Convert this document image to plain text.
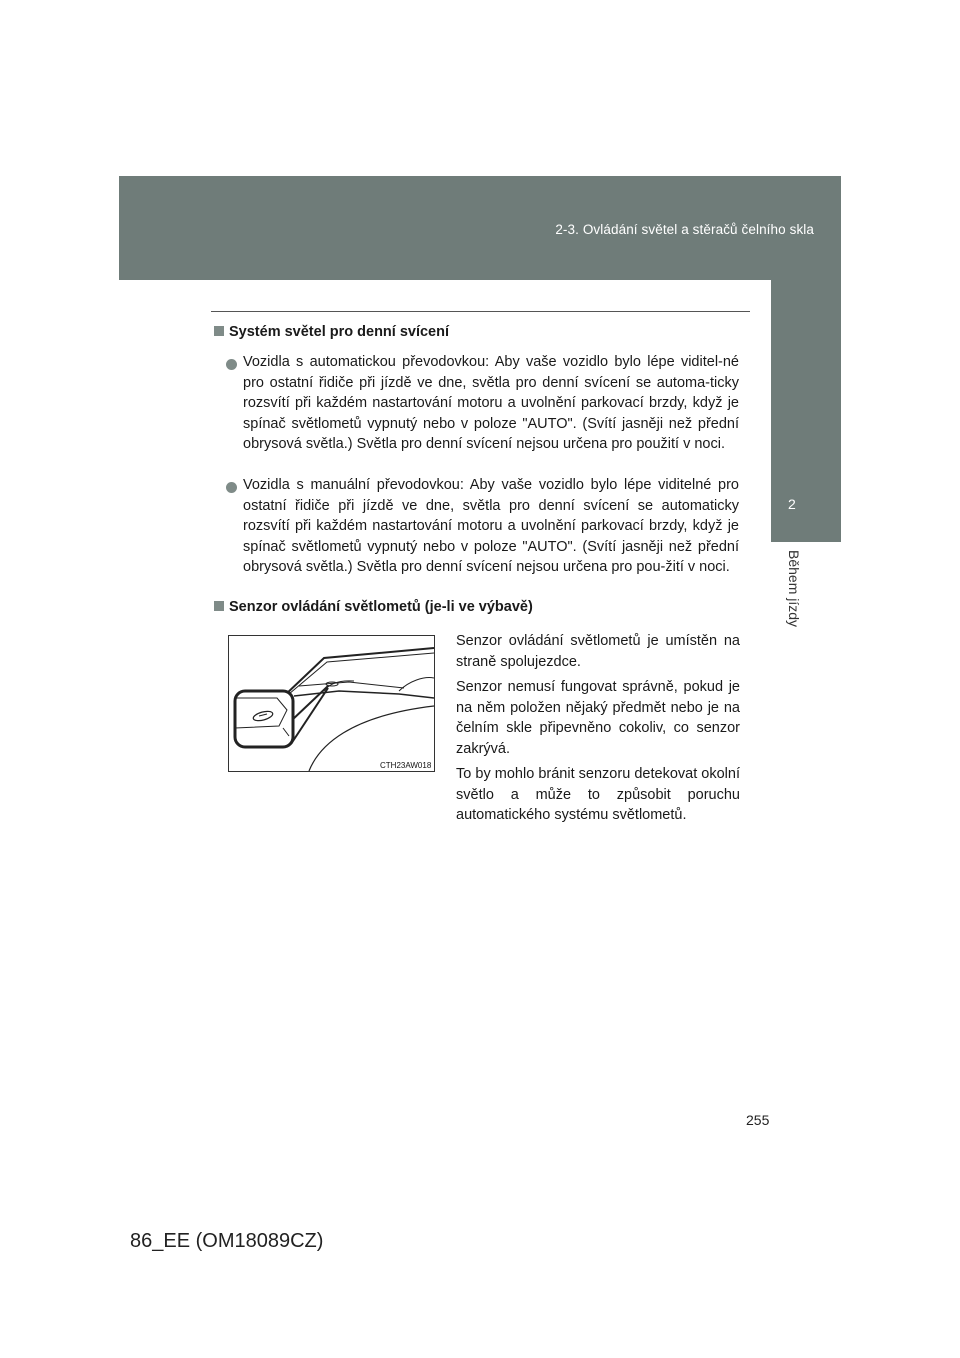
2-3. Ovládání světel a stěračů čelního skla
2
Během jízdy
Systém světel pro denní svícení
Vozidla s automatickou převodovkou: Aby vaše vozidlo bylo lépe viditel-né pro ostatní řidiče při jízdě ve dne, světla pro denní svícení se automa-ticky rozsvítí při každém nastartování motoru a uvolnění parkovací brzdy, když je spínač světlometů vypnutý nebo v poloze "AUTO". (Svítí jasněji než přední obrysová světla.) Světla pro denní svícení nejsou určena pro použití v noci.
Vozidla s manuální převodovkou: Aby vaše vozidlo bylo lépe viditelné pro ostatní řidiče při jízdě ve dne, světla pro denní svícení se automaticky rozsvítí při každém nastartování motoru a uvolnění parkovací brzdy, když je spínač světlometů vypnutý nebo v poloze "AUTO". (Svítí jasněji než přední obrysová světla.) Světla pro denní svícení nejsou určena pro pou-žití v noci.
Senzor ovládání světlometů (je-li ve výbavě)
CTH23AW018
Senzor ovládání světlometů je umístěn na straně spolujezdce.
Senzor nemusí fungovat správně, pokud je na něm položen nějaký předmět nebo je na čelním skle připevněno cokoliv, co senzor zakrývá.
To by mohlo bránit senzoru detekovat okolní světlo a může to způsobit poruchu automatického systému světlometů.
255
86_EE (OM18089CZ)
